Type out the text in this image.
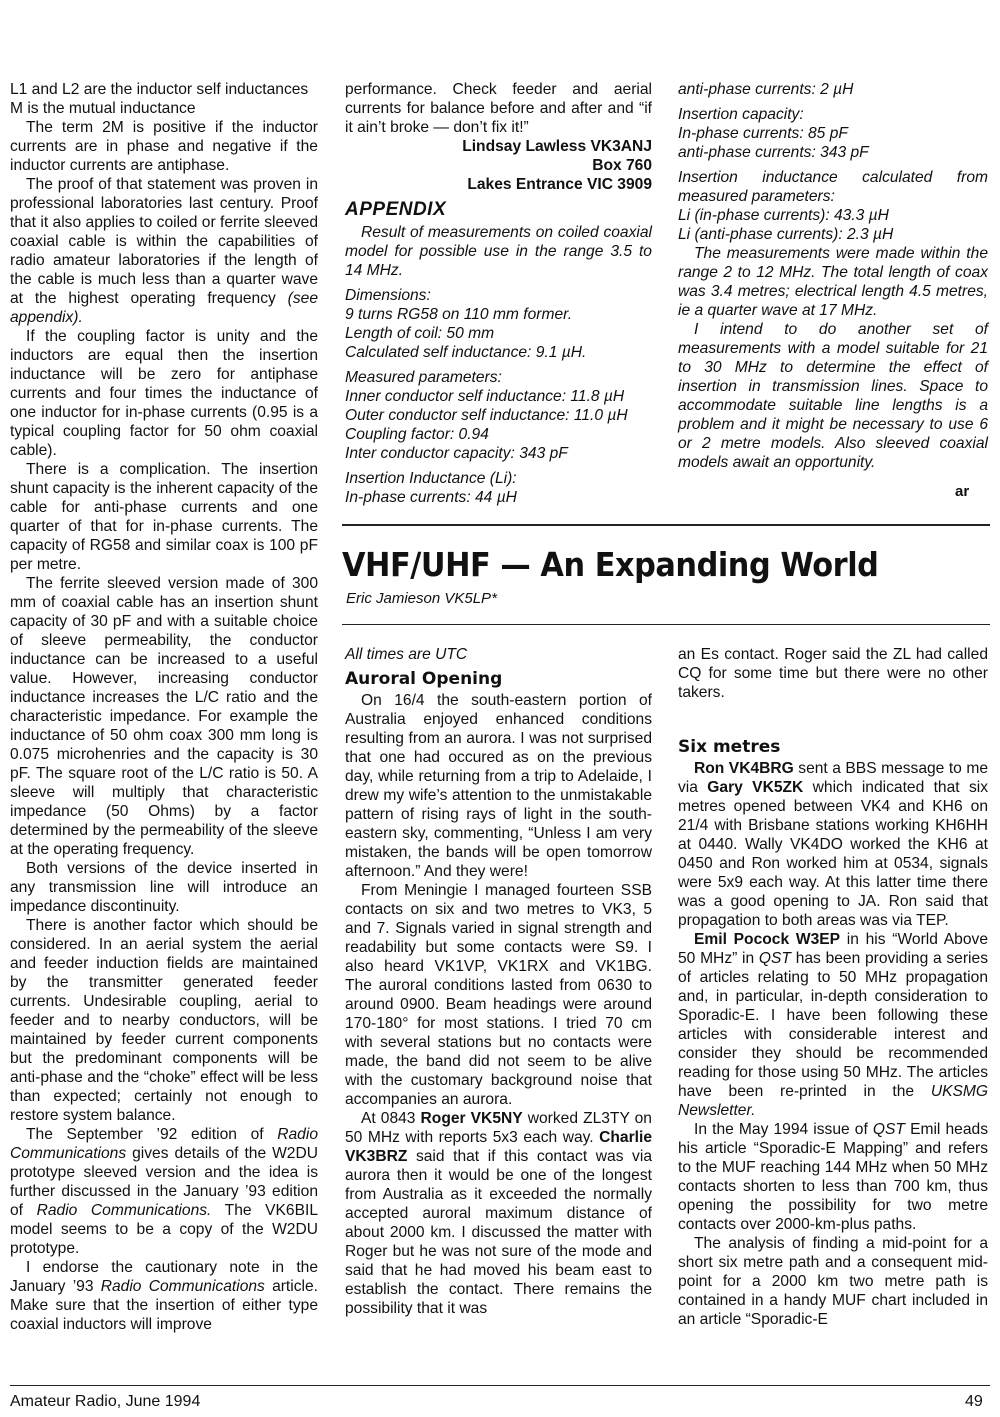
L1 and L2 are the inductor self inductances

M is the mutual inductance

The term 2M is positive if the inductor currents are in phase and negative if the inductor currents are antiphase.

The proof of that statement was proven in professional laboratories last century. Proof that it also applies to coiled or ferrite sleeved coaxial cable is within the capabilities of radio amateur laboratories if the length of the cable is much less than a quarter wave at the highest operating frequency (see appendix).

If the coupling factor is unity and the inductors are equal then the insertion inductance will be zero for antiphase currents and four times the inductance of one inductor for in-phase currents (0.95 is a typical coupling factor for 50 ohm coaxial cable).

There is a complication. The insertion shunt capacity is the inherent capacity of the cable for anti-phase currents and one quarter of that for in-phase currents. The capacity of RG58 and similar coax is 100 pF per metre.

The ferrite sleeved version made of 300 mm of coaxial cable has an insertion shunt capacity of 30 pF and with a suitable choice of sleeve permeability, the conductor inductance can be increased to a useful value. However, increasing conductor inductance increases the L/C ratio and the characteristic impedance. For example the inductance of 50 ohm coax 300 mm long is 0.075 microhenries and the capacity is 30 pF. The square root of the L/C ratio is 50. A sleeve will multiply that characteristic impedance (50 Ohms) by a factor determined by the permeability of the sleeve at the operating frequency.

Both versions of the device inserted in any transmission line will introduce an impedance discontinuity.

There is another factor which should be considered. In an aerial system the aerial and feeder induction fields are maintained by the transmitter generated feeder currents. Undesirable coupling, aerial to feeder and to nearby conductors, will be maintained by feeder current components but the predominant components will be anti-phase and the “choke” effect will be less than expected; certainly not enough to restore system balance.

The September ’92 edition of Radio Communications gives details of the W2DU prototype sleeved version and the idea is further discussed in the January ’93 edition of Radio Communications. The VK6BIL model seems to be a copy of the W2DU prototype.

I endorse the cautionary note in the January ’93 Radio Communications article. Make sure that the insertion of either type coaxial inductors will improve

performance. Check feeder and aerial currents for balance before and after and “if it ain’t broke — don’t fix it!”

Lindsay Lawless VK3ANJ
Box 760
Lakes Entrance VIC 3909
APPENDIX

Result of measurements on coiled coaxial model for possible use in the range 3.5 to 14 MHz.

Dimensions:

9 turns RG58 on 110 mm former.

Length of coil: 50 mm

Calculated self inductance: 9.1 µH.

Measured parameters:

Inner conductor self inductance: 11.8 µH

Outer conductor self inductance: 11.0 µH

Coupling factor: 0.94

Inter conductor capacity: 343 pF

Insertion Inductance (Li):

In-phase currents: 44 µH

anti-phase currents: 2 µH

Insertion capacity:

In-phase currents: 85 pF

anti-phase currents: 343 pF

Insertion inductance calculated from measured parameters:

Li (in-phase currents): 43.3 µH

Li (anti-phase currents): 2.3 µH

The measurements were made within the range 2 to 12 MHz. The total length of coax was 3.4 metres; electrical length 4.5 metres, ie a quarter wave at 17 MHz.

I intend to do another set of measurements with a model suitable for 21 to 30 MHz to determine the effect of insertion in transmission lines. Space to accommodate suitable line lengths is a problem and it might be necessary to use 6 or 2 metre models. Also sleeved coaxial models await an opportunity.

ar
VHF/UHF — An Expanding World
Eric Jamieson VK5LP*

All times are UTC

Auroral Opening

On 16/4 the south-eastern portion of Australia enjoyed enhanced conditions resulting from an aurora. I was not surprised that one had occured as on the previous day, while returning from a trip to Adelaide, I drew my wife’s attention to the unmistakable pattern of rising rays of light in the south-eastern sky, commenting, “Unless I am very mistaken, the bands will be open tomorrow afternoon.” And they were!

From Meningie I managed fourteen SSB contacts on six and two metres to VK3, 5 and 7. Signals varied in signal strength and readability but some contacts were S9. I also heard VK1VP, VK1RX and VK1BG. The auroral conditions lasted from 0630 to around 0900. Beam headings were around 170-180° for most stations. I tried 70 cm with several stations but no contacts were made, the band did not seem to be alive with the customary background noise that accompanies an aurora.

At 0843 Roger VK5NY worked ZL3TY on 50 MHz with reports 5x3 each way. Charlie VK3BRZ said that if this contact was via aurora then it would be one of the longest from Australia as it exceeded the normally accepted auroral maximum distance of about 2000 km. I discussed the matter with Roger but he was not sure of the mode and said that he had moved his beam east to establish the contact. There remains the possibility that it was

an Es contact. Roger said the ZL had called CQ for some time but there were no other takers.

Six metres

Ron VK4BRG sent a BBS message to me via Gary VK5ZK which indicated that six metres opened between VK4 and KH6 on 21/4 with Brisbane stations working KH6HH at 0440. Wally VK4DO worked the KH6 at 0450 and Ron worked him at 0534, signals were 5x9 each way. At this latter time there was a good opening to JA. Ron said that propagation to both areas was via TEP.

Emil Pocock W3EP in his “World Above 50 MHz” in QST has been providing a series of articles relating to 50 MHz propagation and, in particular, in-depth consideration to Sporadic-E. I have been following these articles with considerable interest and consider they should be recommended reading for those using 50 MHz. The articles have been re-printed in the UKSMG Newsletter.

In the May 1994 issue of QST Emil heads his article “Sporadic-E Mapping” and refers to the MUF reaching 144 MHz when 50 MHz contacts shorten to less than 700 km, thus opening the possibility for two metre contacts over 2000-km-plus paths.

The analysis of finding a mid-point for a short six metre path and a consequent mid-point for a 2000 km two metre path is contained in a handy MUF chart included in an article “Sporadic-E

Amateur Radio, June 1994	49
